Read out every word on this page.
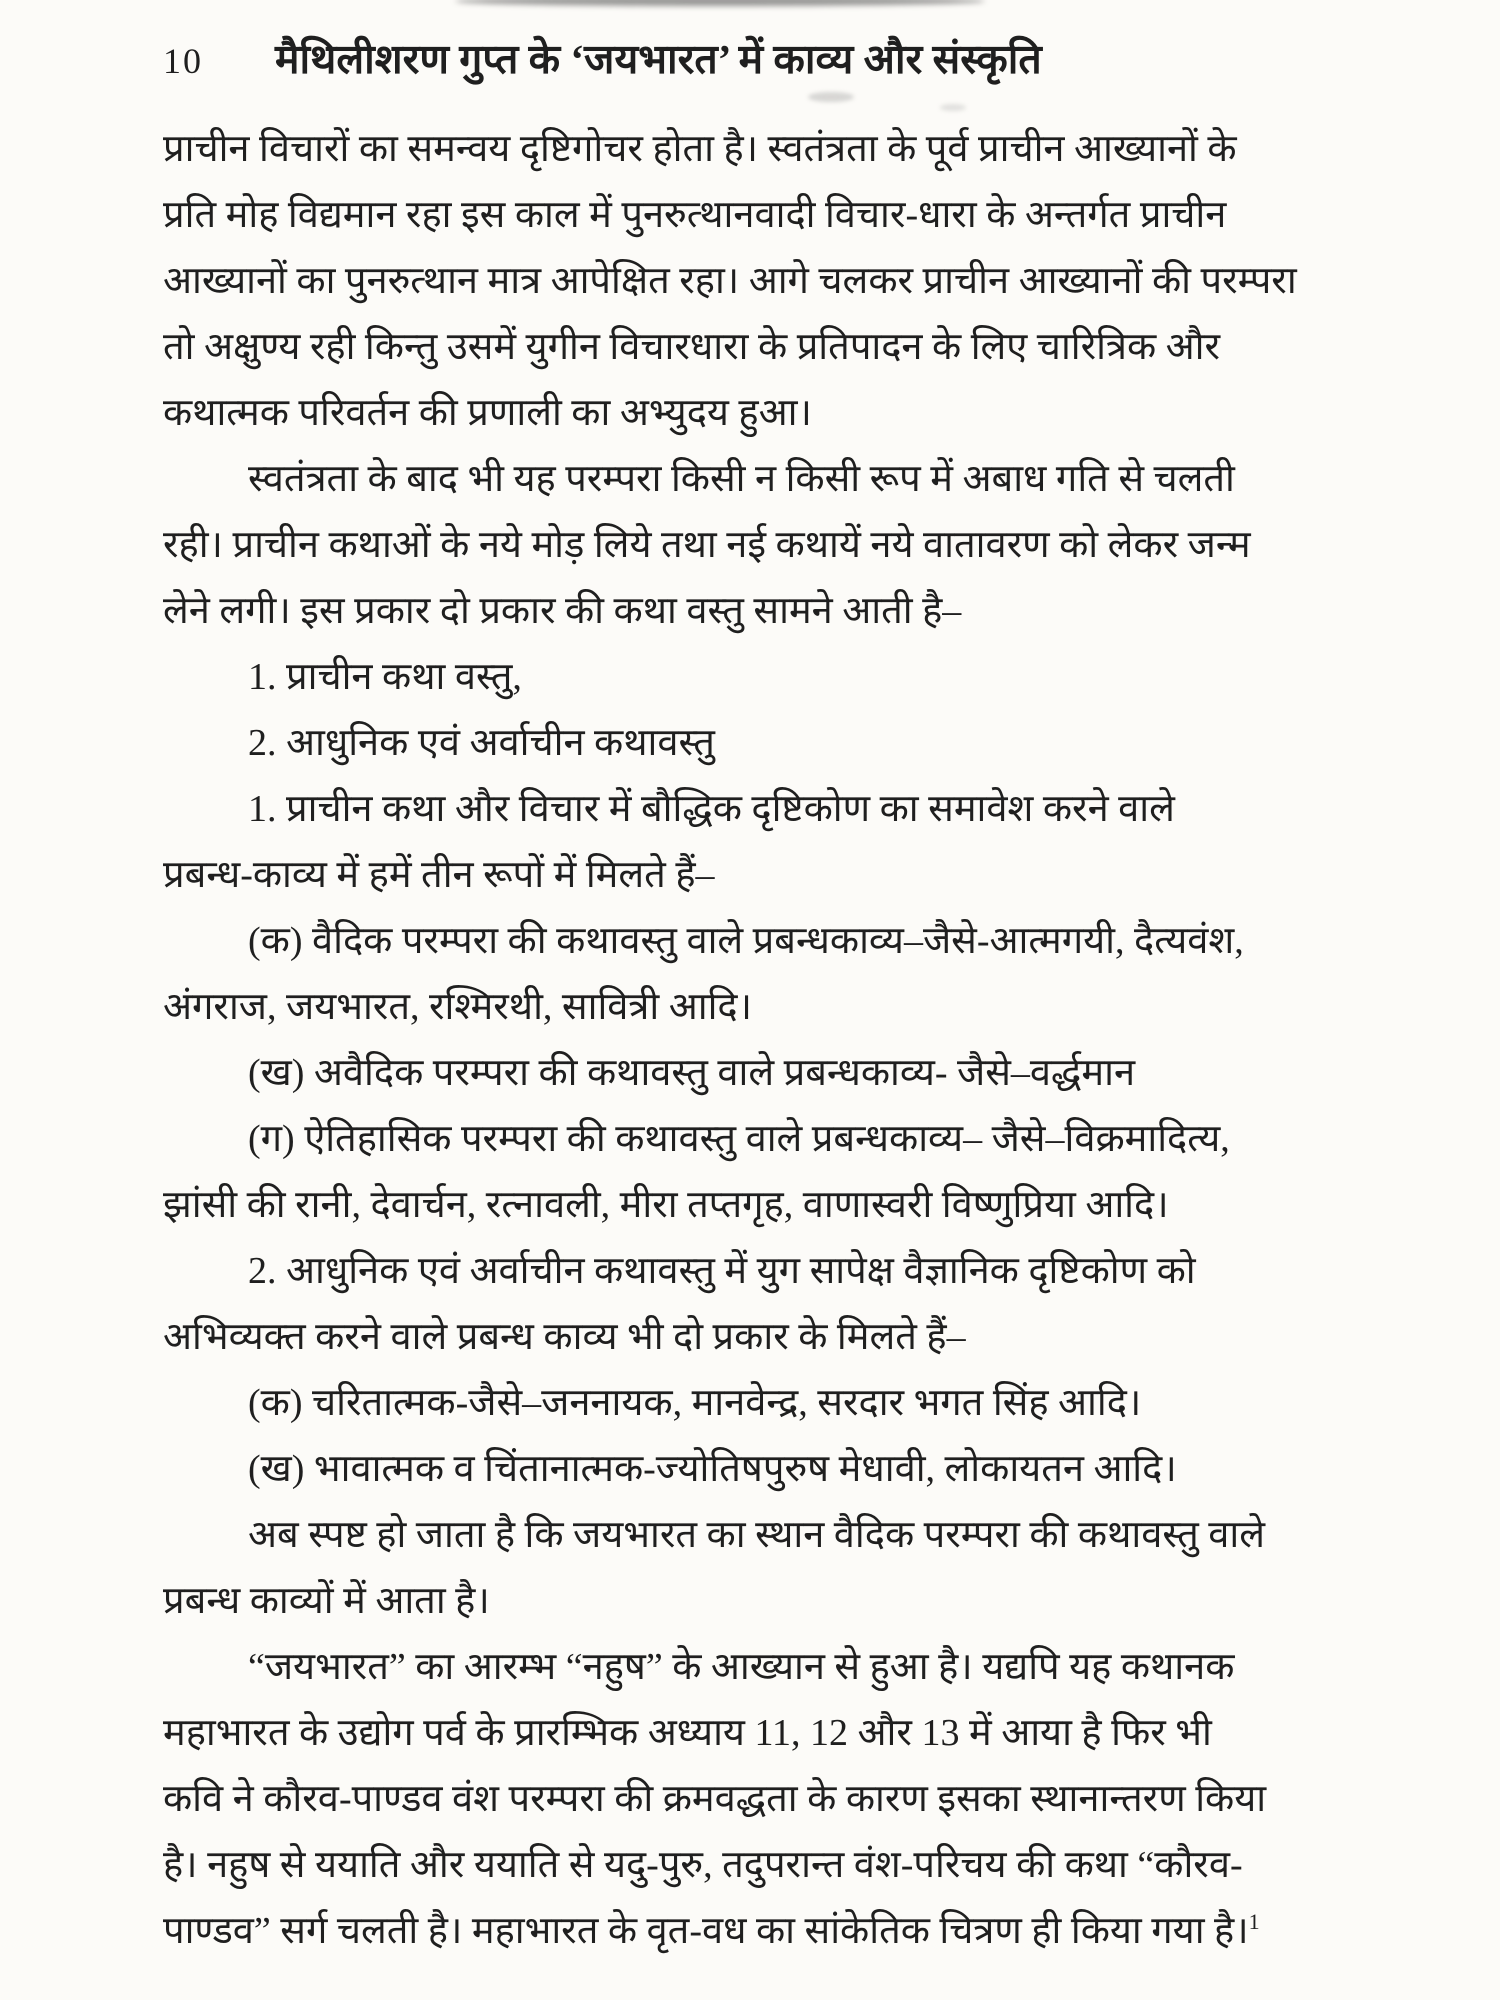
10 मैथिलीशरण गुप्त के ‘जयभारत’ में काव्य और संस्कृति
प्राचीन विचारों का समन्वय दृष्टिगोचर होता है। स्वतंत्रता के पूर्व प्राचीन आख्यानों के
प्रति मोह विद्यमान रहा इस काल में पुनरुत्थानवादी विचार-धारा के अन्तर्गत प्राचीन
आख्यानों का पुनरुत्थान मात्र आपेक्षित रहा। आगे चलकर प्राचीन आख्यानों की परम्परा
तो अक्षुण्य रही किन्तु उसमें युगीन विचारधारा के प्रतिपादन के लिए चारित्रिक और
कथात्मक परिवर्तन की प्रणाली का अभ्युदय हुआ।
स्वतंत्रता के बाद भी यह परम्परा किसी न किसी रूप में अबाध गति से चलती
रही। प्राचीन कथाओं के नये मोड़ लिये तथा नई कथायें नये वातावरण को लेकर जन्म
लेने लगी। इस प्रकार दो प्रकार की कथा वस्तु सामने आती है–
1. प्राचीन कथा वस्तु,
2. आधुनिक एवं अर्वाचीन कथावस्तु
1. प्राचीन कथा और विचार में बौद्धिक दृष्टिकोण का समावेश करने वाले
प्रबन्ध-काव्य में हमें तीन रूपों में मिलते हैं–
(क) वैदिक परम्परा की कथावस्तु वाले प्रबन्धकाव्य–जैसे-आत्मगयी, दैत्यवंश,
अंगराज, जयभारत, रश्मिरथी, सावित्री आदि।
(ख) अवैदिक परम्परा की कथावस्तु वाले प्रबन्धकाव्य- जैसे–वर्द्धमान
(ग) ऐतिहासिक परम्परा की कथावस्तु वाले प्रबन्धकाव्य– जैसे–विक्रमादित्य,
झांसी की रानी, देवार्चन, रत्नावली, मीरा तप्तगृह, वाणास्वरी विष्णुप्रिया आदि।
2. आधुनिक एवं अर्वाचीन कथावस्तु में युग सापेक्ष वैज्ञानिक दृष्टिकोण को
अभिव्यक्त करने वाले प्रबन्ध काव्य भी दो प्रकार के मिलते हैं–
(क) चरितात्मक-जैसे–जननायक, मानवेन्द्र, सरदार भगत सिंह आदि।
(ख) भावात्मक व चिंतानात्मक-ज्योतिषपुरुष मेधावी, लोकायतन आदि।
अब स्पष्ट हो जाता है कि जयभारत का स्थान वैदिक परम्परा की कथावस्तु वाले
प्रबन्ध काव्यों में आता है।
“जयभारत” का आरम्भ “नहुष” के आख्यान से हुआ है। यद्यपि यह कथानक
महाभारत के उद्योग पर्व के प्रारम्भिक अध्याय 11, 12 और 13 में आया है फिर भी
कवि ने कौरव-पाण्डव वंश परम्परा की क्रमवद्धता के कारण इसका स्थानान्तरण किया
है। नहुष से ययाति और ययाति से यदु-पुरु, तदुपरान्त वंश-परिचय की कथा “कौरव-
पाण्डव” सर्ग चलती है। महाभारत के वृत-वध का सांकेतिक चित्रण ही किया गया है।$^1$
